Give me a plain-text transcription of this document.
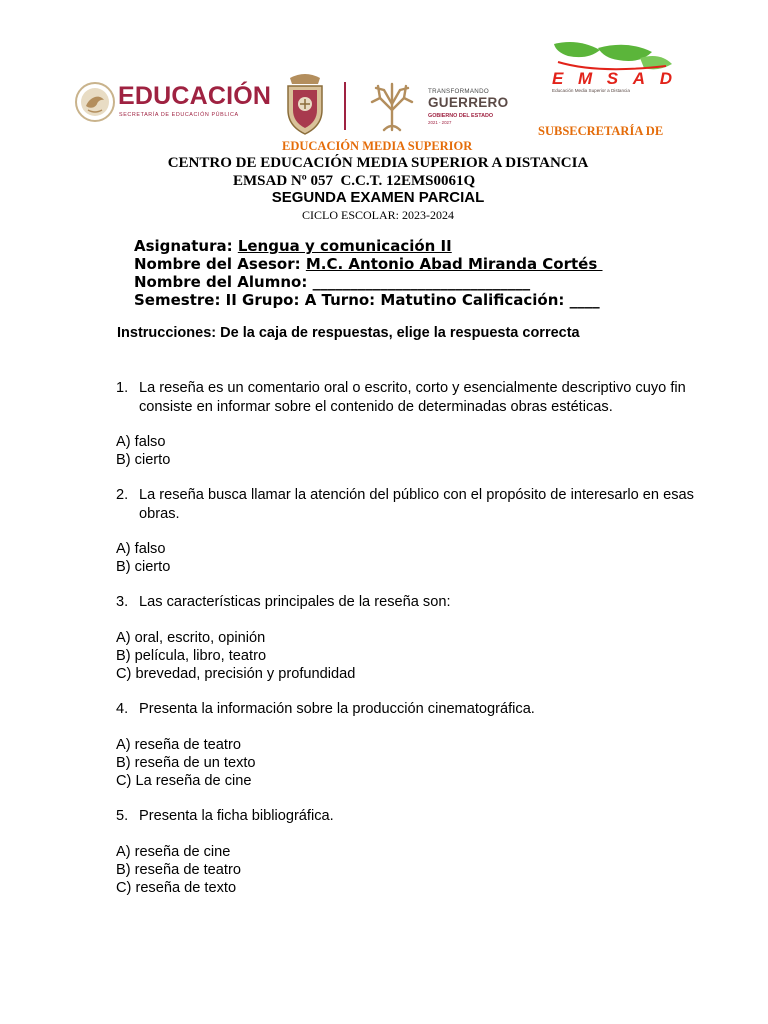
EDUCACIÓN
SECRETARÍA DE EDUCACIÓN PÚBLICA
TRANSFORMANDO
GUERRERO
GOBIERNO DEL ESTADO
2021 - 2027
EMSAD
Educación Media Superior a Distancia
SUBSECRETARÍA DE
EDUCACIÓN MEDIA SUPERIOR
CENTRO DE EDUCACIÓN MEDIA SUPERIOR A DISTANCIA
EMSAD Nº 057  C.C.T. 12EMS0061Q
SEGUNDA EXAMEN PARCIAL
CICLO ESCOLAR: 2023-2024
Asignatura: Lengua y comunicación II
Nombre del Asesor: M.C. Antonio Abad Miranda Cortés
Nombre del Alumno: _____________________________
Semestre: II Grupo: A Turno: Matutino Calificación: ____
Instrucciones: De la caja de respuestas, elige la respuesta correcta
1. La reseña es un comentario oral o escrito, corto y esencialmente descriptivo cuyo fin consiste en informar sobre el contenido de determinadas obras estéticas.
A) falso
B) cierto
2. La reseña busca llamar la atención del público con el propósito de interesarlo en esas obras.
A) falso
B) cierto
3. Las características principales de la reseña son:
A) oral, escrito, opinión
B) película, libro, teatro
C) brevedad, precisión y profundidad
4. Presenta la información sobre la producción cinematográfica.
A) reseña de teatro
B) reseña de un texto
C) La reseña de cine
5. Presenta la ficha bibliográfica.
A) reseña de cine
B) reseña de teatro
C) reseña de texto
